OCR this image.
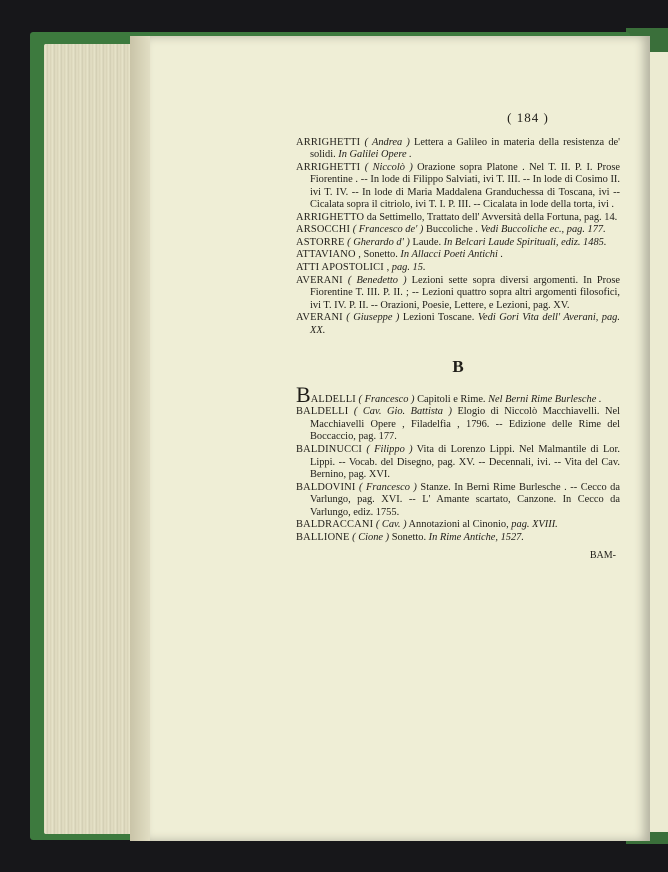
( 184 )

ARRIGHETTI ( Andrea ) Lettera a Galileo in materia della resistenza de' solidi. In Galilei Opere .

ARRIGHETTI ( Niccolò ) Orazione sopra Platone . Nel T. II. P. I. Prose Fiorentine . -- In lode di Filippo Salviati, ivi T. III. -- In lode di Cosimo II. ivi T. IV. -- In lode di Maria Maddalena Granduchessa di Toscana, ivi -- Cicalata sopra il citriolo, ivi T. I. P. III. -- Cicalata in lode della torta, ivi .

ARRIGHETTO da Settimello, Trattato dell' Avversità della Fortuna, pag. 14.

ARSOCCHI ( Francesco de' ) Buccoliche . Vedi Buccoliche ec., pag. 177.

ASTORRE ( Gherardo d' ) Laude. In Belcari Laude Spirituali, ediz. 1485.

ATTAVIANO , Sonetto. In Allacci Poeti Antichi .

ATTI APOSTOLICI , pag. 15.

AVERANI ( Benedetto ) Lezioni sette sopra diversi argomenti. In Prose Fiorentine T. III. P. II. ; -- Lezioni quattro sopra altri argomenti filosofici, ivi T. IV. P. II. -- Orazioni, Poesie, Lettere, e Lezioni, pag. XV.

AVERANI ( Giuseppe ) Lezioni Toscane. Vedi Gori Vita dell' Averani, pag. XX.

B

BALDELLI ( Francesco ) Capitoli e Rime. Nel Berni Rime Burlesche .

BALDELLI ( Cav. Gio. Battista ) Elogio di Niccolò Macchiavelli. Nel Macchiavelli Opere , Filadelfia , 1796. -- Edizione delle Rime del Boccaccio, pag. 177.

BALDINUCCI ( Filippo ) Vita di Lorenzo Lippi. Nel Malmantile di Lor. Lippi. -- Vocab. del Disegno, pag. XV. -- Decennali, ivi. -- Vita del Cav. Bernino, pag. XVI.

BALDOVINI ( Francesco ) Stanze. In Berni Rime Burlesche . -- Cecco da Varlungo, pag. XVI. -- L' Amante scartato, Canzone. In Cecco da Varlungo, ediz. 1755.

BALDRACCANI ( Cav. ) Annotazioni al Cinonio, pag. XVIII.

BALLIONE ( Cione ) Sonetto. In Rime Antiche, 1527.

BAM-
